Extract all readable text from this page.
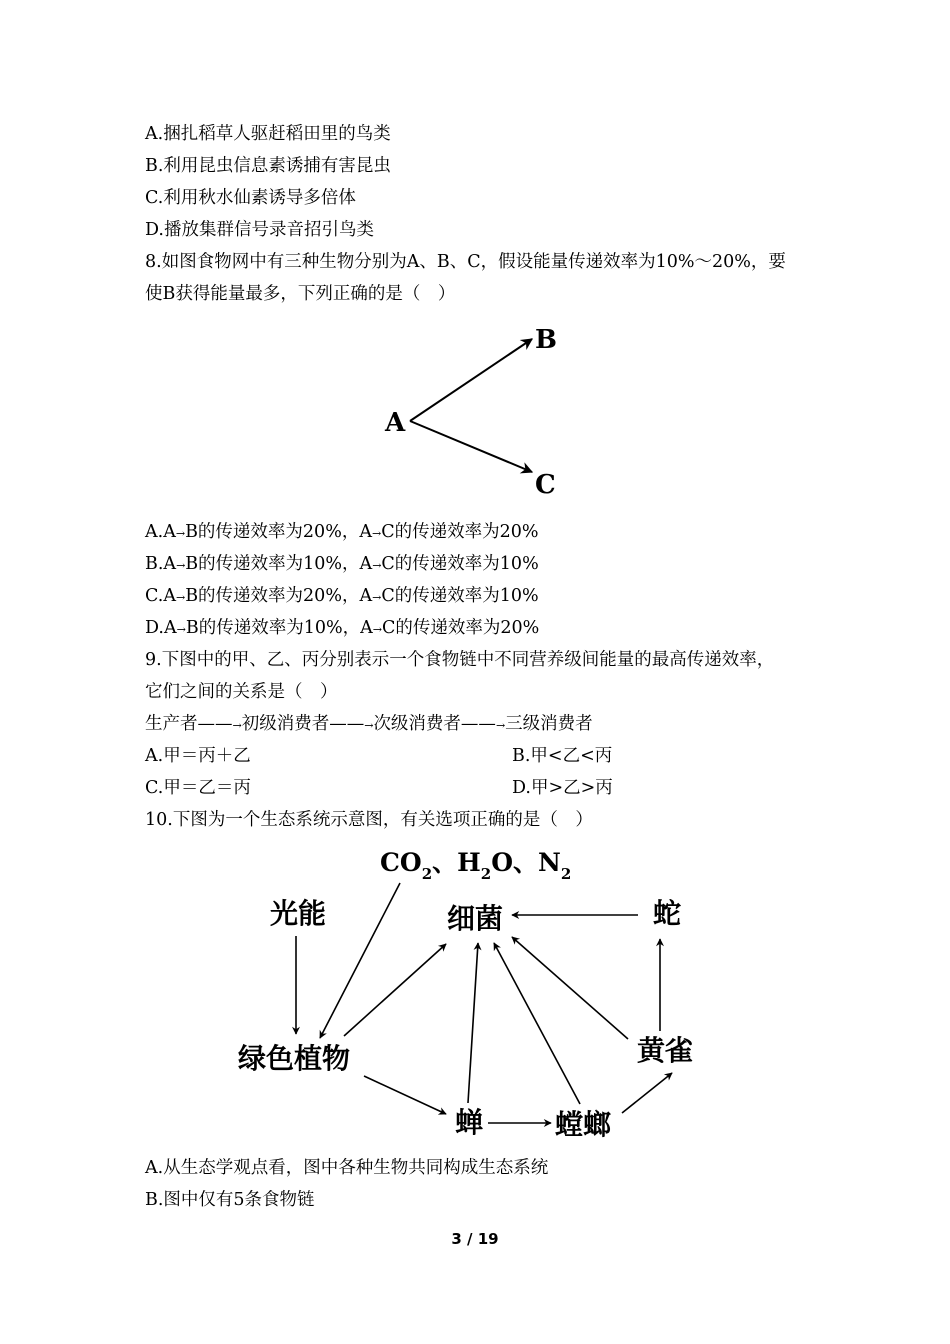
A.捆扎稻草人驱赶稻田里的鸟类
B.利用昆虫信息素诱捕有害昆虫
C.利用秋水仙素诱导多倍体
D.播放集群信号录音招引鸟类
8.如图食物网中有三种生物分别为A、B、C，假设能量传递效率为10%～20%，要
使B获得能量最多，下列正确的是（　）
A
B
C
A.A→B的传递效率为20%，A→C的传递效率为20%
B.A→B的传递效率为10%，A→C的传递效率为10%
C.A→B的传递效率为20%，A→C的传递效率为10%
D.A→B的传递效率为10%，A→C的传递效率为20%
9.下图中的甲、乙、丙分别表示一个食物链中不同营养级间能量的最高传递效率，
它们之间的关系是（　）
生产者——→初级消费者——→次级消费者——→三级消费者
A.甲＝丙＋乙	B.甲<乙<丙
C.甲＝乙＝丙	D.甲>乙>丙
10.下图为一个生态系统示意图，有关选项正确的是（　）
$CO_2$、$H_2O$、$N_2$
光能	细菌	蛇
绿色植物	黄雀
蝉	螳螂
A.从生态学观点看，图中各种生物共同构成生态系统
B.图中仅有5条食物链
3 / 19
